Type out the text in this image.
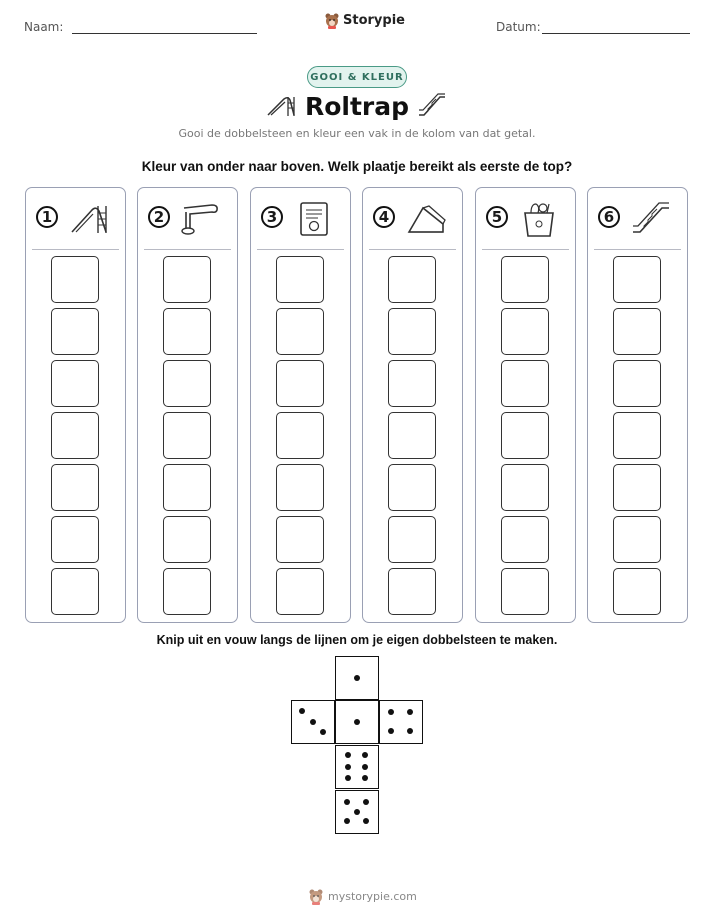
Naam:	Storypie	Datum:
GOOI & KLEUR
Roltrap
Gooi de dobbelsteen en kleur een vak in de kolom van dat getal.
Kleur van onder naar boven. Welk plaatje bereikt als eerste de top?
1	2	3	4	5	6
Knip uit en vouw langs de lijnen om je eigen dobbelsteen te maken.
mystorypie.com
